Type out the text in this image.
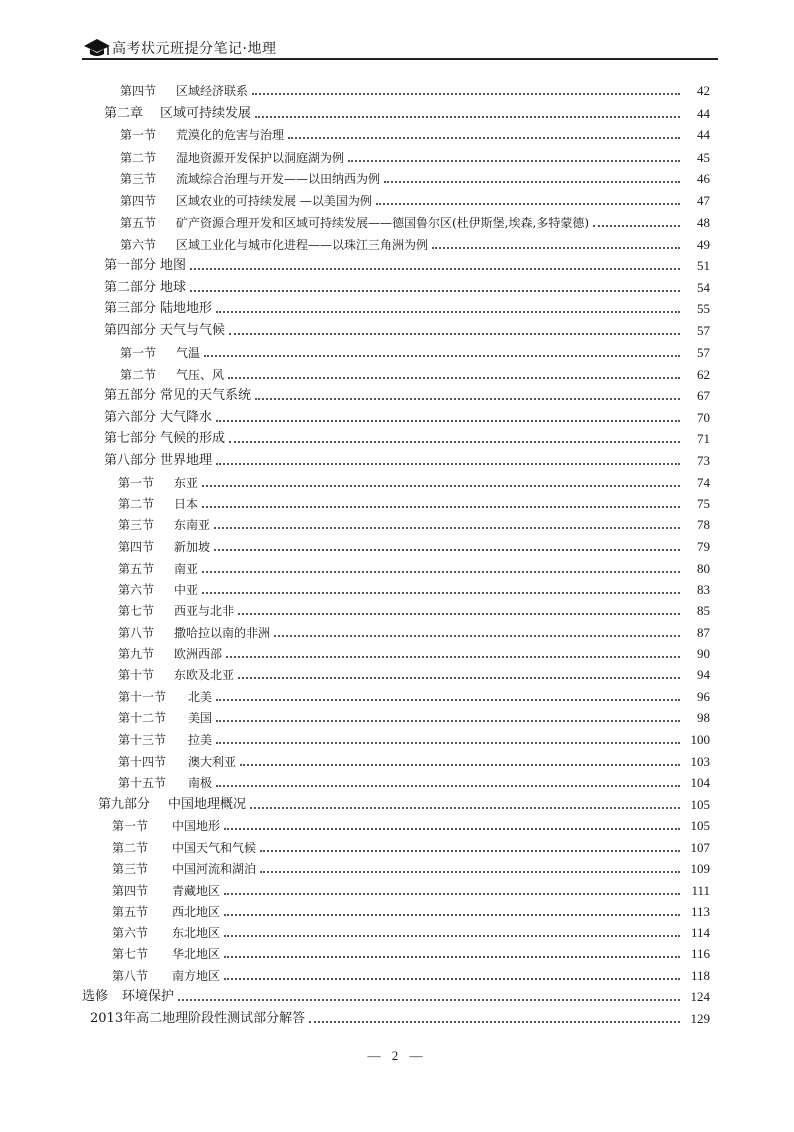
高考状元班提分笔记·地理
第四节	区域经济联系	42
第二章	区域可持续发展	44
第一节	荒漠化的危害与治理	44
第二节	湿地资源开发保护以洞庭湖为例	45
第三节	流域综合治理与开发——以田纳西为例	46
第四节	区域农业的可持续发展 —以美国为例	47
第五节	矿产资源合理开发和区域可持续发展——德国鲁尔区(杜伊斯堡,埃森,多特蒙德)	48
第六节	区域工业化与城市化进程——以珠江三角洲为例	49
第一部分 地图	51
第二部分 地球	54
第三部分 陆地地形	55
第四部分 天气与气候	57
第一节	气温	57
第二节	气压、风	62
第五部分 常见的天气系统	67
第六部分 大气降水	70
第七部分 气候的形成	71
第八部分 世界地理	73
第一节	东亚	74
第二节	日本	75
第三节	东南亚	78
第四节	新加坡	79
第五节	南亚	80
第六节	中亚	83
第七节	西亚与北非	85
第八节	撒哈拉以南的非洲	87
第九节	欧洲西部	90
第十节	东欧及北亚	94
第十一节	北美	96
第十二节	美国	98
第十三节	拉美	100
第十四节	澳大利亚	103
第十五节	南极	104
第九部分	中国地理概况	105
第一节	中国地形	105
第二节	中国天气和气候	107
第三节	中国河流和湖泊	109
第四节	青藏地区	111
第五节	西北地区	113
第六节	东北地区	114
第七节	华北地区	116
第八节	南方地区	118
选修	环境保护	124
2013年高二地理阶段性测试部分解答	129
— 2 —
